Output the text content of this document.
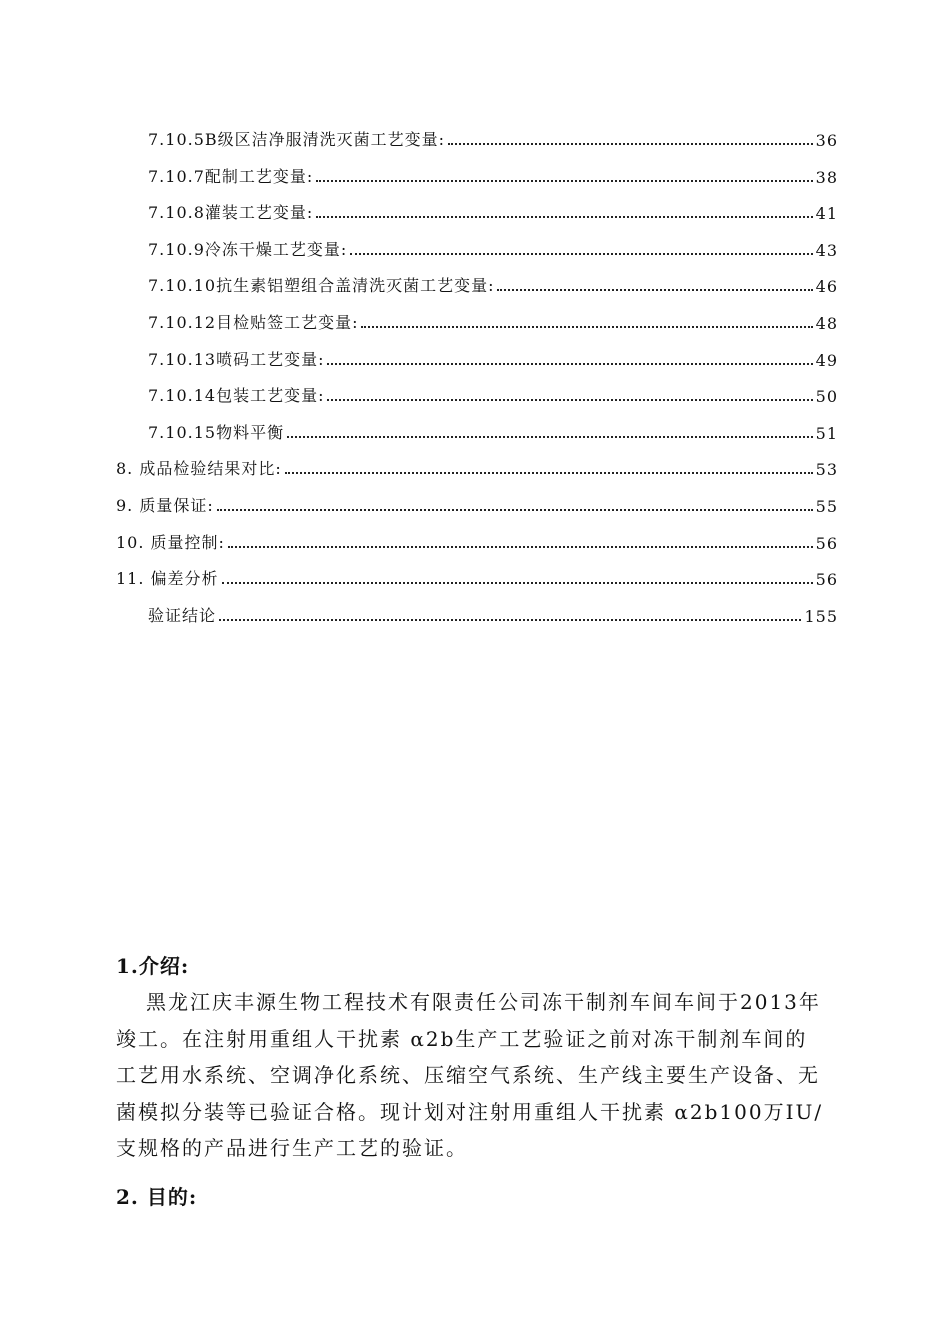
7.10.5B级区洁净服清洗灭菌工艺变量:	36
7.10.7配制工艺变量:	38
7.10.8灌装工艺变量:	41
7.10.9冷冻干燥工艺变量:	43
7.10.10抗生素铝塑组合盖清洗灭菌工艺变量:	46
7.10.12目检贴签工艺变量:	48
7.10.13喷码工艺变量:	49
7.10.14包装工艺变量:	50
7.10.15物料平衡	51
8. 成品检验结果对比:	53
9. 质量保证:	55
10. 质量控制:	56
11. 偏差分析	56
验证结论	155
1.介绍:
黑龙江庆丰源生物工程技术有限责任公司冻干制剂车间车间于2013年
竣工。在注射用重组人干扰素 α2b生产工艺验证之前对冻干制剂车间的
工艺用水系统、空调净化系统、压缩空气系统、生产线主要生产设备、无
菌模拟分装等已验证合格。现计划对注射用重组人干扰素 α2b100万IU/
支规格的产品进行生产工艺的验证。
2. 目的:
